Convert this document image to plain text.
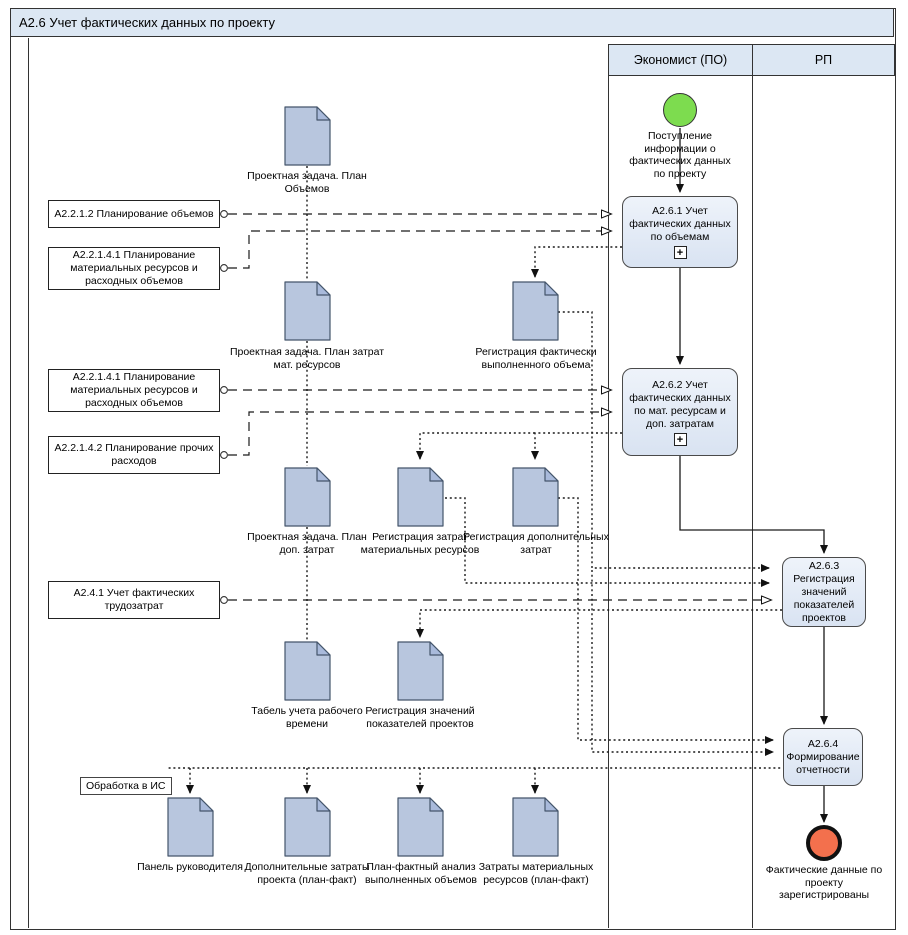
A2.6 Учет фактических данных по проекту
Экономист (ПО)	РП
A2.2.1.2 Планирование объемов
A2.2.1.4.1 Планирование материальных ресурсов и расходных объемов
A2.2.1.4.1 Планирование материальных ресурсов и расходных объемов
A2.2.1.4.2 Планирование прочих расходов
A2.4.1 Учет фактических трудозатрат
A2.6.1 Учет фактических данных по объемам
+
A2.6.2 Учет фактических данных по мат. ресурсам и доп. затратам
+
A2.6.3 Регистрация значений показателей проектов
A2.6.4 Формирование отчетности
Поступление информации о фактических данных по проекту
Фактические данные по проекту зарегистрированы
Проектная задача. План Объемов
Проектная задача. План затрат мат. ресурсов
Регистрация фактически выполненного объема
Проектная задача. План доп. затрат
Регистрация затрат материальных ресурсов
Регистрация дополнительных затрат
Табель учета рабочего времени
Регистрация значений показателей проектов
Панель руководителя Дополнительные затраты проекта (план-факт)
План-фактный анализ выполненных объемов
Затраты материальных ресурсов (план-факт)
Обработка в ИС
